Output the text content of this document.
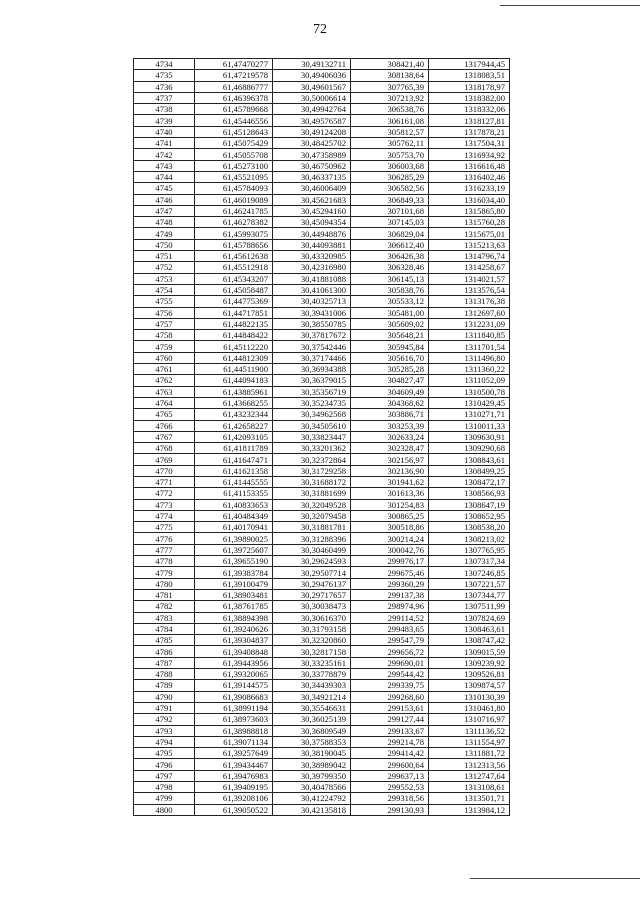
72
4734	61,47470277	30,49132711	308421,40	1317944,45
4735	61,47219578	30,49406036	308138,64	1318083,51
4736	61,46886777	30,49601567	307765,39	1318178,97
4737	61,46396378	30,50006614	307213,92	1318382,00
4738	61,45789668	30,49942764	306538,76	1318332,06
4739	61,45446556	30,49576587	306161,08	1318127,81
4740	61,45128643	30,49124208	305812,57	1317878,21
4741	61,45075429	30,48425702	305762,11	1317504,31
4742	61,45055708	30,47358989	305753,70	1316934,92
4743	61,45273100	30,46750962	306003,68	1316616,48
4744	61,45521095	30,46337135	306285,29	1316402,46
4745	61,45784093	30,46006409	306582,56	1316233,19
4746	61,46019089	30,45621683	306849,33	1316034,40
4747	61,46241785	30,45294160	307101,68	1315865,80
4748	61,46278382	30,45094354	307145,03	1315760,28
4749	61,45993075	30,44948876	306829,04	1315675,01
4750	61,45788656	30,44093881	306612,40	1315213,63
4751	61,45612638	30,43320985	306426,38	1314796,74
4752	61,45512918	30,42316980	306328,46	1314258,67
4753	61,45343207	30,41881088	306145,13	1314021,57
4754	61,45058487	30,41061300	305838,76	1313576,54
4755	61,44775369	30,40325713	305533,12	1313176,38
4756	61,44717851	30,39431006	305481,00	1312697,60
4757	61,44822135	30,38550785	305609,02	1312231,09
4758	61,44848422	30,37817672	305648,21	1311840,85
4759	61,45112220	30,37542446	305945,84	1311701,54
4760	61,44812309	30,37174466	305616,70	1311496,80
4761	61,44511900	30,36934388	305285,28	1311360,22
4762	61,44094183	30,36379015	304827,47	1311052,09
4763	61,43885961	30,35356719	304609,49	1310500,78
4764	61,43668255	30,35234735	304368,62	1310429,45
4765	61,43232344	30,34962568	303886,71	1310271,71
4766	61,42658227	30,34505610	303253,39	1310011,33
4767	61,42093105	30,33823447	302633,24	1309630,91
4768	61,41811789	30,33201362	302328,47	1309290,68
4769	61,41647471	30,32372864	302156,97	1308843,61
4770	61,41621358	30,31729258	302136,90	1308499,25
4771	61,41445555	30,31688172	301941,62	1308472,17
4772	61,41153355	30,31881699	301613,36	1308566,93
4773	61,40833653	30,32049528	301254,83	1308647,19
4774	61,40484349	30,32079458	300865,25	1308652,95
4775	61,40170941	30,31881781	300518,86	1308538,20
4776	61,39890025	30,31288396	300214,24	1308213,02
4777	61,39725607	30,30460499	300042,76	1307765,95
4778	61,39655190	30,29624593	299976,17	1307317,34
4779	61,39383784	30,29507714	299675,46	1307246,85
4780	61,39100479	30,29476137	299360,29	1307221,57
4781	61,38903481	30,29717657	299137,38	1307344,77
4782	61,38761785	30,30038473	298974,96	1307511,99
4783	61,38894398	30,30616370	299114,52	1307824,69
4784	61,39240626	30,31793158	299483,65	1308463,61
4785	61,39304837	30,32320860	299547,79	1308747,42
4786	61,39408848	30,32817158	299656,72	1309015,59
4787	61,39443956	30,33235161	299690,01	1309239,92
4788	61,39320065	30,33778879	299544,42	1309526,81
4789	61,39144575	30,34439303	299339,75	1309874,57
4790	61,39086683	30,34921214	299268,60	1310130,39
4791	61,38991194	30,35546631	299153,61	1310461,80
4792	61,38973603	30,36025139	299127,44	1310716,97
4793	61,38988818	30,36809549	299133,67	1311136,52
4794	61,39071134	30,37588353	299214,78	1311554,97
4795	61,39257649	30,38190045	299414,42	1311881,72
4796	61,39434467	30,38989042	299600,64	1312313,56
4797	61,39476983	30,39799350	299637,13	1312747,64
4798	61,39409195	30,40478566	299552,53	1313108,61
4799	61,39208106	30,41224792	299318,56	1313501,71
4800	61,39050522	30,42135818	299130,93	1313984,12
